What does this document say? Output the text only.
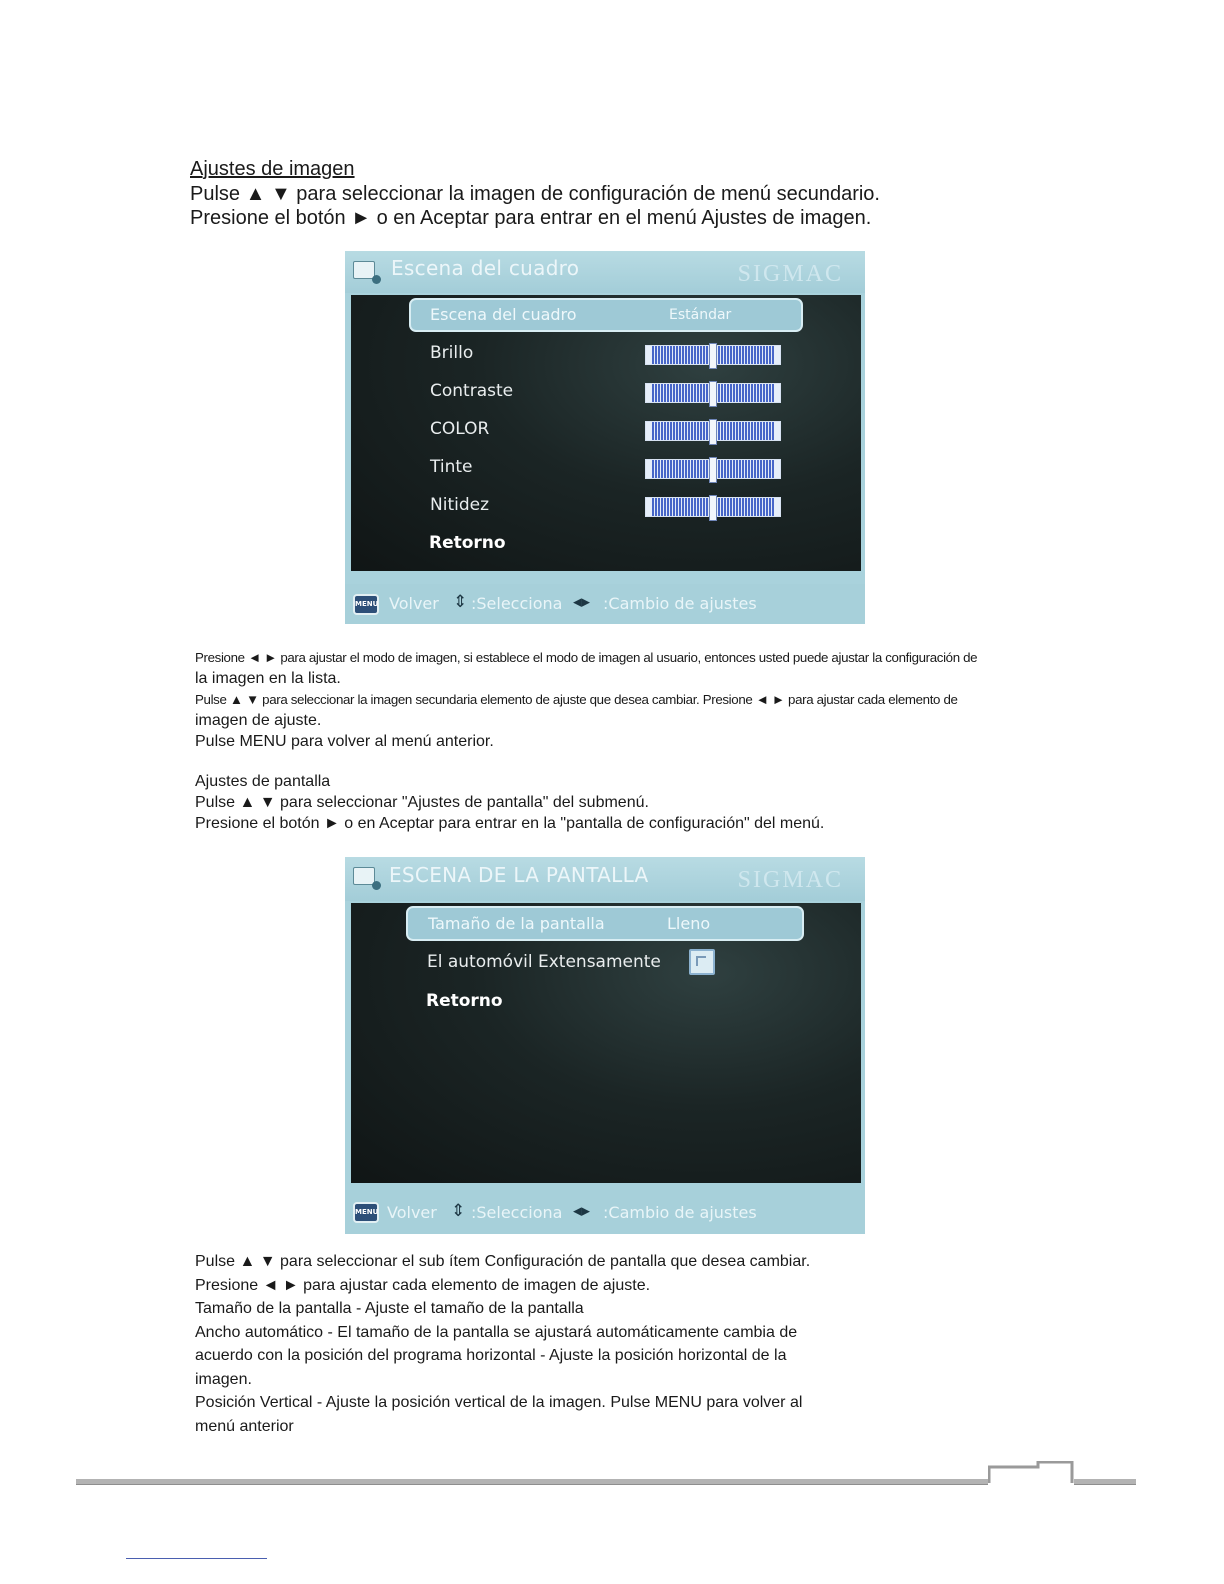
Ajustes de imagen
Pulse ▲ ▼ para seleccionar la imagen de configuración de menú secundario.
Presione el botón ► o en Aceptar para entrar en el menú Ajustes de imagen.
Escena del cuadro	SIGMAC
Escena del cuadro	Estándar
Brillo
Contraste
COLOR
Tinte
Nitidez
Retorno
MENU Volver ⇕ :Selecciona ◂▸ :Cambio de ajustes
Presione ◄ ► para ajustar el modo de imagen, si establece el modo de imagen al usuario, entonces usted puede ajustar la configuración de
la imagen en la lista.
Pulse ▲ ▼ para seleccionar la imagen secundaria elemento de ajuste que desea cambiar. Presione ◄ ► para ajustar cada elemento de
imagen de ajuste.
Pulse MENU para volver al menú anterior.
Ajustes de pantalla
Pulse ▲ ▼ para seleccionar "Ajustes de pantalla" del submenú.
Presione el botón ► o en Aceptar para entrar en la "pantalla de configuración" del menú.
ESCENA DE LA PANTALLA	SIGMAC
Tamaño de la pantalla	Lleno
El automóvil Extensamente
Retorno
MENU Volver ⇕ :Selecciona ◂▸ :Cambio de ajustes
Pulse ▲ ▼ para seleccionar el sub ítem Configuración de pantalla que desea cambiar.
Presione ◄ ► para ajustar cada elemento de imagen de ajuste.
Tamaño de la pantalla - Ajuste el tamaño de la pantalla
Ancho automático - El tamaño de la pantalla se ajustará automáticamente cambia de
acuerdo con la posición del programa horizontal - Ajuste la posición horizontal de la
imagen.
Posición Vertical - Ajuste la posición vertical de la imagen. Pulse MENU para volver al
menú anterior
